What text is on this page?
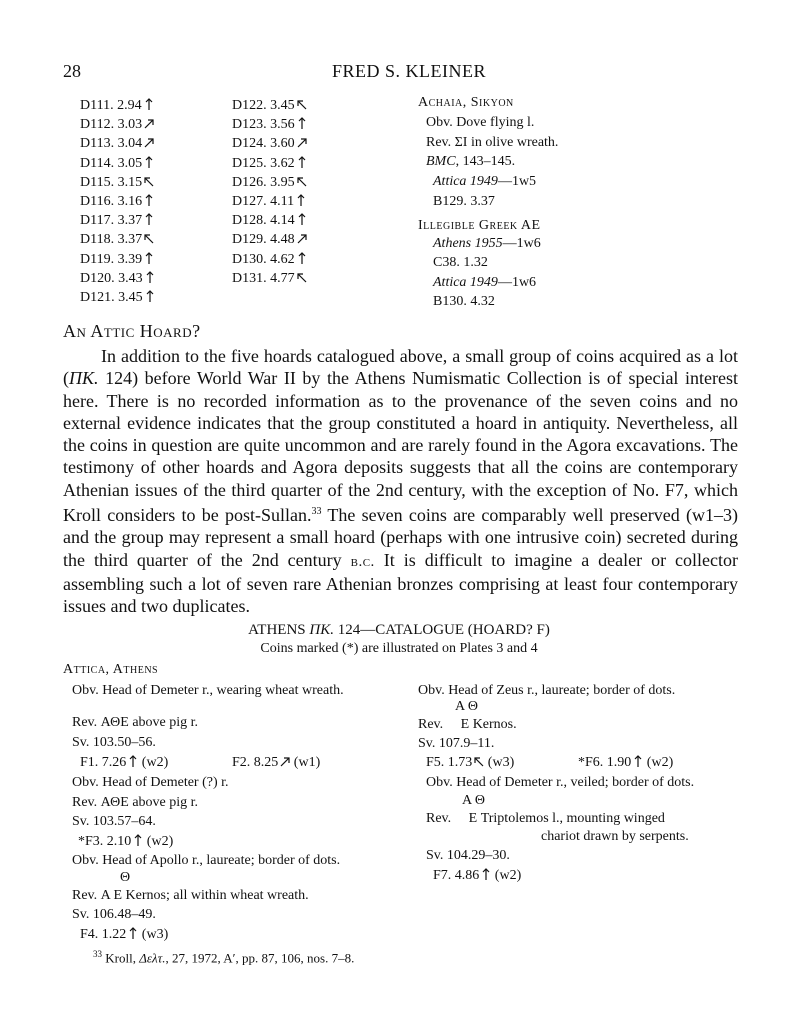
28	FRED S. KLEINER
D111. 2.94
D112. 3.03
D113. 3.04
D114. 3.05
D115. 3.15
D116. 3.16
D117. 3.37
D118. 3.37
D119. 3.39
D120. 3.43
D121. 3.45
D122. 3.45
D123. 3.56
D124. 3.60
D125. 3.62
D126. 3.95
D127. 4.11
D128. 4.14
D129. 4.48
D130. 4.62
D131. 4.77
Achaia, Sikyon
Obv. Dove flying l.
Rev. ΣΙ in olive wreath.
BMC, 143–145.
Attica 1949—1w5
B129. 3.37
Illegible Greek AE
Athens 1955—1w6
C38. 1.32
Attica 1949—1w6
B130. 4.32
An Attic Hoard?

In addition to the five hoards catalogued above, a small group of coins acquired as a lot (ΠΚ. 124) before World War II by the Athens Numismatic Collection is of special interest here. There is no recorded information as to the provenance of the seven coins and no external evidence indicates that the group constituted a hoard in antiquity. Nevertheless, all the coins in question are quite uncommon and are rarely found in the Agora excavations. The testimony of other hoards and Agora deposits suggests that all the coins are contemporary Athenian issues of the third quarter of the 2nd century, with the exception of No. F7, which Kroll considers to be post-Sullan.$^{33}$ The seven coins are comparably well preserved (w1–3) and the group may represent a small hoard (perhaps with one intrusive coin) secreted during the third quarter of the 2nd century b.c. It is difficult to imagine a dealer or collector assembling such a lot of seven rare Athenian bronzes comprising at least four contemporary issues and two duplicates.

ATHENS ΠΚ. 124—CATALOGUE (HOARD? F)
Coins marked (*) are illustrated on Plates 3 and 4
Attica, Athens
Obv. Head of Demeter r., wearing wheat wreath.
Rev. ΑΘΕ above pig r.
Sv. 103.50–56.
F1. 7.26 (w2)	F2. 8.25 (w1)
Obv. Head of Demeter (?) r.
Rev. ΑΘΕ above pig r.
Sv. 103.57–64.
*F3. 2.10 (w2)
Obv. Head of Apollo r., laureate; border of dots.
Θ
Rev. Α Ε Kernos; all within wheat wreath.
Sv. 106.48–49.
F4. 1.22 (w3)
Obv. Head of Zeus r., laureate; border of dots.
Α Θ
Rev.     Ε Kernos.
Sv. 107.9–11.
F5. 1.73 (w3)	*F6. 1.90 (w2)
Obv. Head of Demeter r., veiled; border of dots.
Α Θ
Rev.     Ε Triptolemos l., mounting winged
chariot drawn by serpents.
Sv. 104.29–30.
F7. 4.86 (w2)
$^{33}$ Kroll, Δελτ., 27, 1972, Α′, pp. 87, 106, nos. 7–8.
